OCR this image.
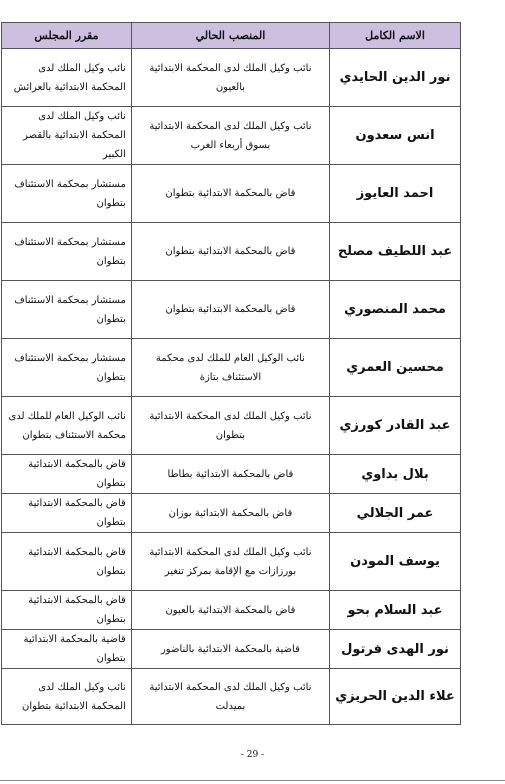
الاسم الكامل	المنصب الحالي	مقرر المجلس
نور الدين الحايدي	نائب وكيل الملك لدى المحكمة الابتدائية بالعيون	نائب وكيل الملك لدى المحكمة الابتدائية بالعرائش
انس سعدون	نائب وكيل الملك لدى المحكمة الابتدائية بسوق أربعاء الغرب	نائب وكيل الملك لدى المحكمة الابتدائية بالقصر الكبير
احمد العايوز	قاض بالمحكمة الابتدائية بتطوان	مستشار بمحكمة الاستئناف بتطوان
عبد اللطيف مصلح	قاض بالمحكمة الابتدائية بتطوان	مستشار بمحكمة الاستئناف بتطوان
محمد المنصوري	قاض بالمحكمة الابتدائية بتطوان	مستشار بمحكمة الاستئناف بتطوان
محسين العمري	نائب الوكيل العام للملك لدى محكمة الاستئناف بتازة	مستشار بمحكمة الاستئناف بتطوان
عبد القادر كورزي	نائب وكيل الملك لدى المحكمة الابتدائية بتطوان	نائب الوكيل العام للملك لدى محكمة الاستئناف بتطوان
بلال بداوي	قاض بالمحكمة الابتدائية بطاطا	قاض بالمحكمة الابتدائية بتطوان
عمر الجلالي	قاض بالمحكمة الابتدائية بوزان	قاض بالمحكمة الابتدائية بتطوان
يوسف المودن	نائب وكيل الملك لدى المحكمة الابتدائية بورزازات مع الإقامة بمركز تنغير	قاض بالمحكمة الابتدائية بتطوان
عبد السلام بحو	قاض بالمحكمة الابتدائية بالعيون	قاض بالمحكمة الابتدائية بتطوان
نور الهدى فرتول	قاضية بالمحكمة الابتدائية بالناضور	قاضية بالمحكمة الابتدائية بتطوان
علاء الدين الحريزي	نائب وكيل الملك لدى المحكمة الابتدائية بميدلت	نائب وكيل الملك لدى المحكمة الابتدائية بتطوان
- 29 -
